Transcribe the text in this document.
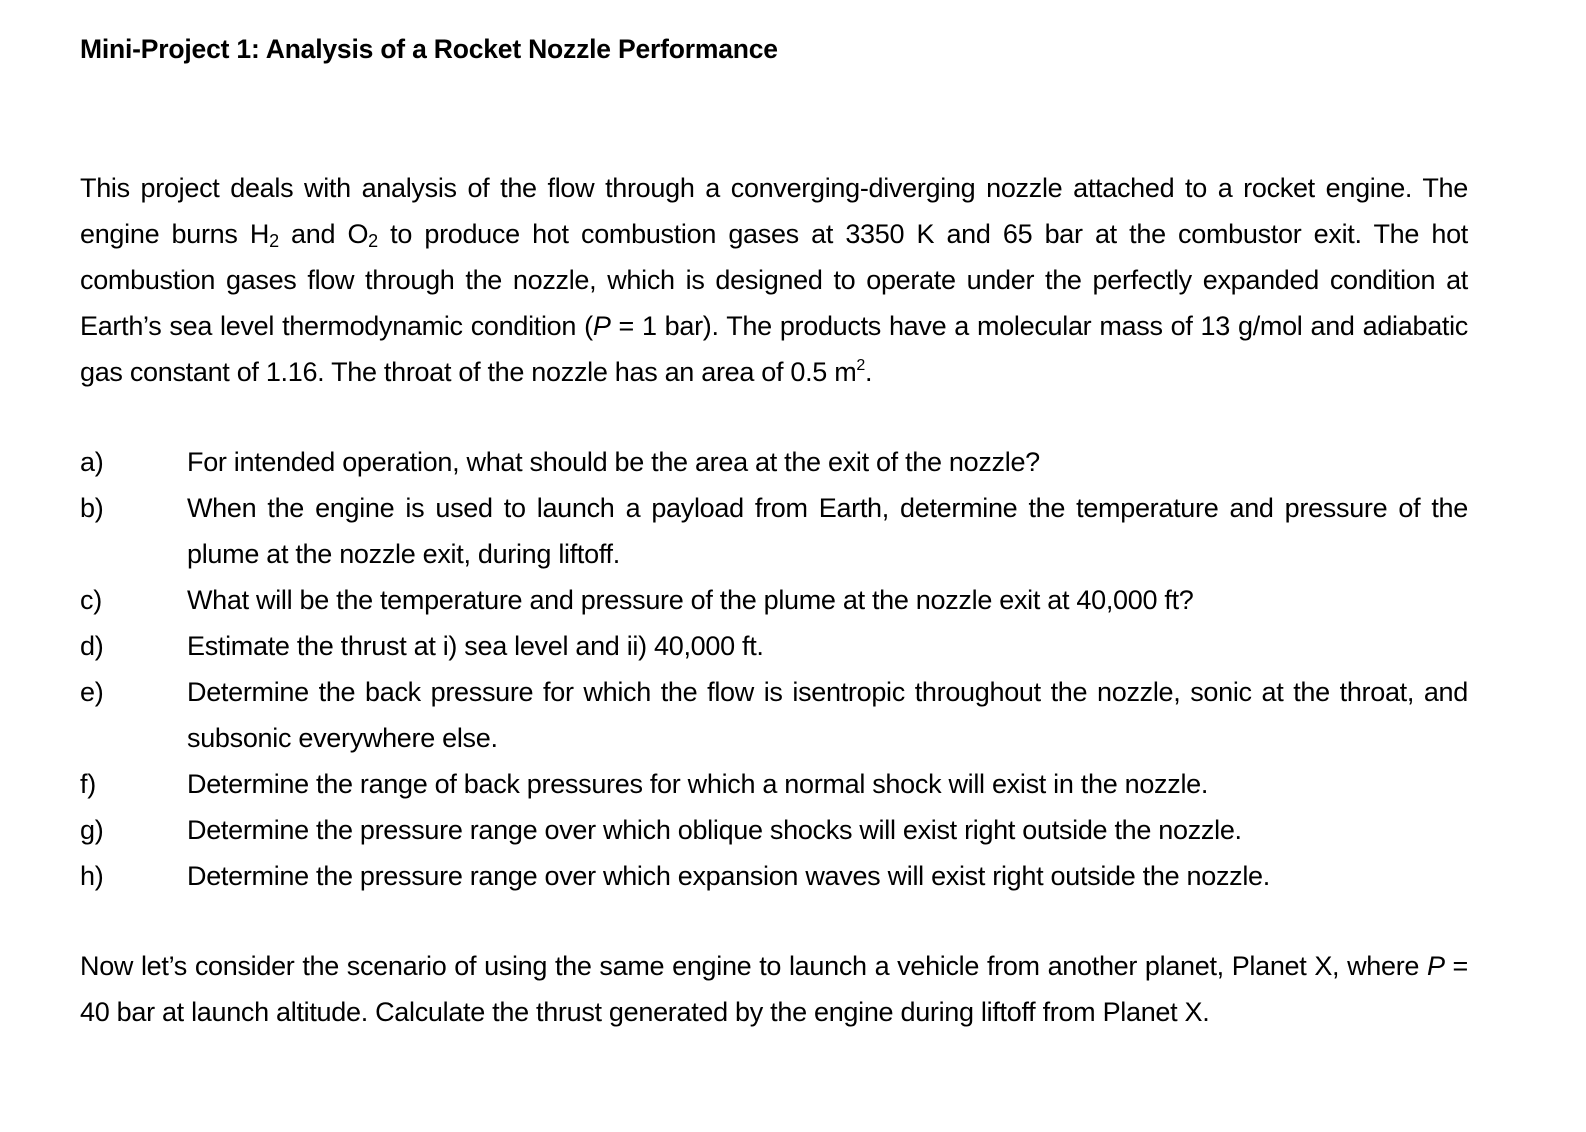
Mini-Project 1: Analysis of a Rocket Nozzle Performance

This project deals with analysis of the flow through a converging-diverging nozzle attached to a rocket engine. The engine burns $H_2$ and $O_2$ to produce hot combustion gases at 3350 K and 65 bar at the combustor exit. The hot combustion gases flow through the nozzle, which is designed to operate under the perfectly expanded condition at Earth’s sea level thermodynamic condition (P = 1 bar). The products have a molecular mass of 13 g/mol and adiabatic gas constant of 1.16. The throat of the nozzle has an area of 0.5 $m^2$.

a)	For intended operation, what should be the area at the exit of the nozzle?
b)	When the engine is used to launch a payload from Earth, determine the temperature and pressure of the plume at the nozzle exit, during liftoff.
c)	What will be the temperature and pressure of the plume at the nozzle exit at 40,000 ft?
d)	Estimate the thrust at i) sea level and ii) 40,000 ft.
e)	Determine the back pressure for which the flow is isentropic throughout the nozzle, sonic at the throat, and subsonic everywhere else.
f)	Determine the range of back pressures for which a normal shock will exist in the nozzle.
g)	Determine the pressure range over which oblique shocks will exist right outside the nozzle.
h)	Determine the pressure range over which expansion waves will exist right outside the nozzle.

Now let’s consider the scenario of using the same engine to launch a vehicle from another planet, Planet X, where P = 40 bar at launch altitude. Calculate the thrust generated by the engine during liftoff from Planet X.
